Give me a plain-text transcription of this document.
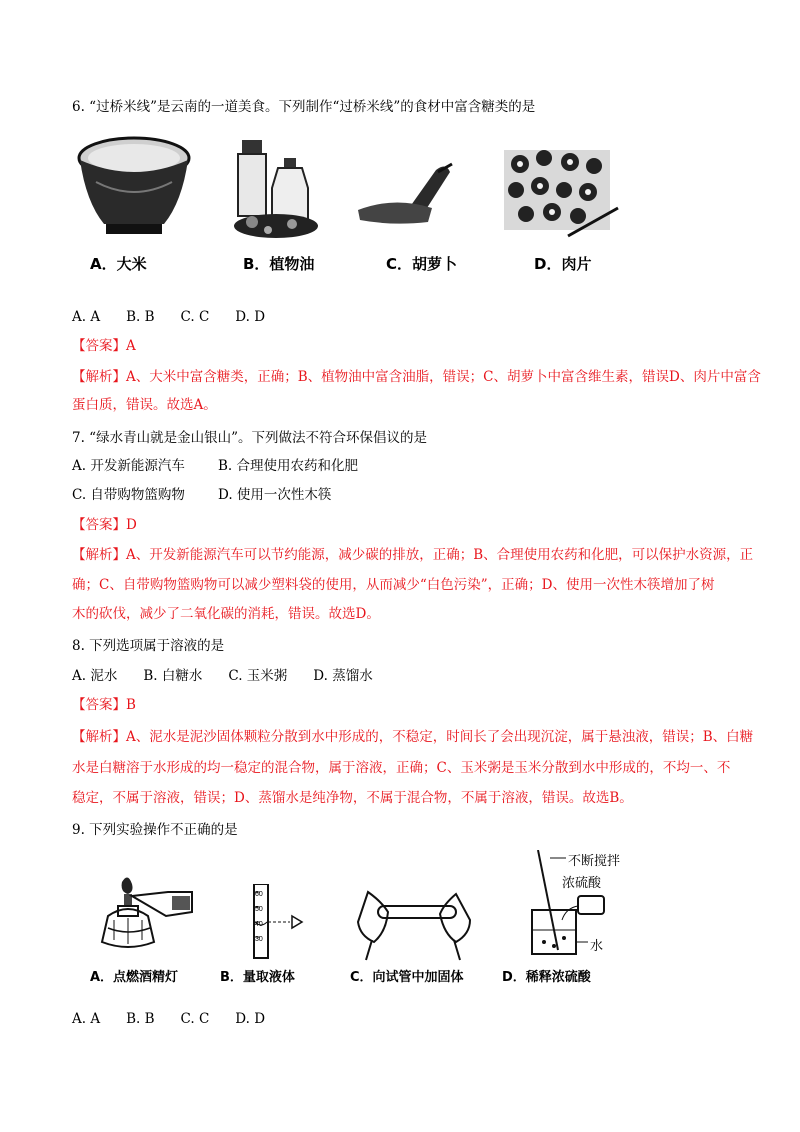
6. “过桥米线”是云南的一道美食。下列制作“过桥米线”的食材中富含糖类的是
A．大米	B．植物油	C．胡萝卜	D．肉片
A. A B. B C. C D. D
【答案】A
【解析】A、大米中富含糖类，正确；B、植物油中富含油脂，错误；C、胡萝卜中富含维生素，错误D、肉片中富含
蛋白质，错误。故选A。
7. “绿水青山就是金山银山”。下列做法不符合环保倡议的是
A. 开发新能源汽车 B. 合理使用农药和化肥
C. 自带购物篮购物 D. 使用一次性木筷
【答案】D
【解析】A、开发新能源汽车可以节约能源，减少碳的排放，正确；B、合理使用农药和化肥，可以保护水资源，正
确；C、自带购物篮购物可以减少塑料袋的使用，从而减少“白色污染”，正确；D、使用一次性木筷增加了树
木的砍伐，减少了二氧化碳的消耗，错误。故选D。
8. 下列选项属于溶液的是
A. 泥水 B. 白糖水 C. 玉米粥 D. 蒸馏水
【答案】B
【解析】A、泥水是泥沙固体颗粒分散到水中形成的，不稳定，时间长了会出现沉淀，属于悬浊液，错误；B、白糖
水是白糖溶于水形成的均一稳定的混合物，属于溶液，正确；C、玉米粥是玉米分散到水中形成的，不均一、不
稳定，不属于溶液，错误；D、蒸馏水是纯净物，不属于混合物，不属于溶液，错误。故选B。
9. 下列实验操作不正确的是
60
50
40
30
不断搅拌
浓硫酸
水
A．点燃酒精灯	B．量取液体	C．向试管中加固体	D．稀释浓硫酸
A. A B. B C. C D. D
